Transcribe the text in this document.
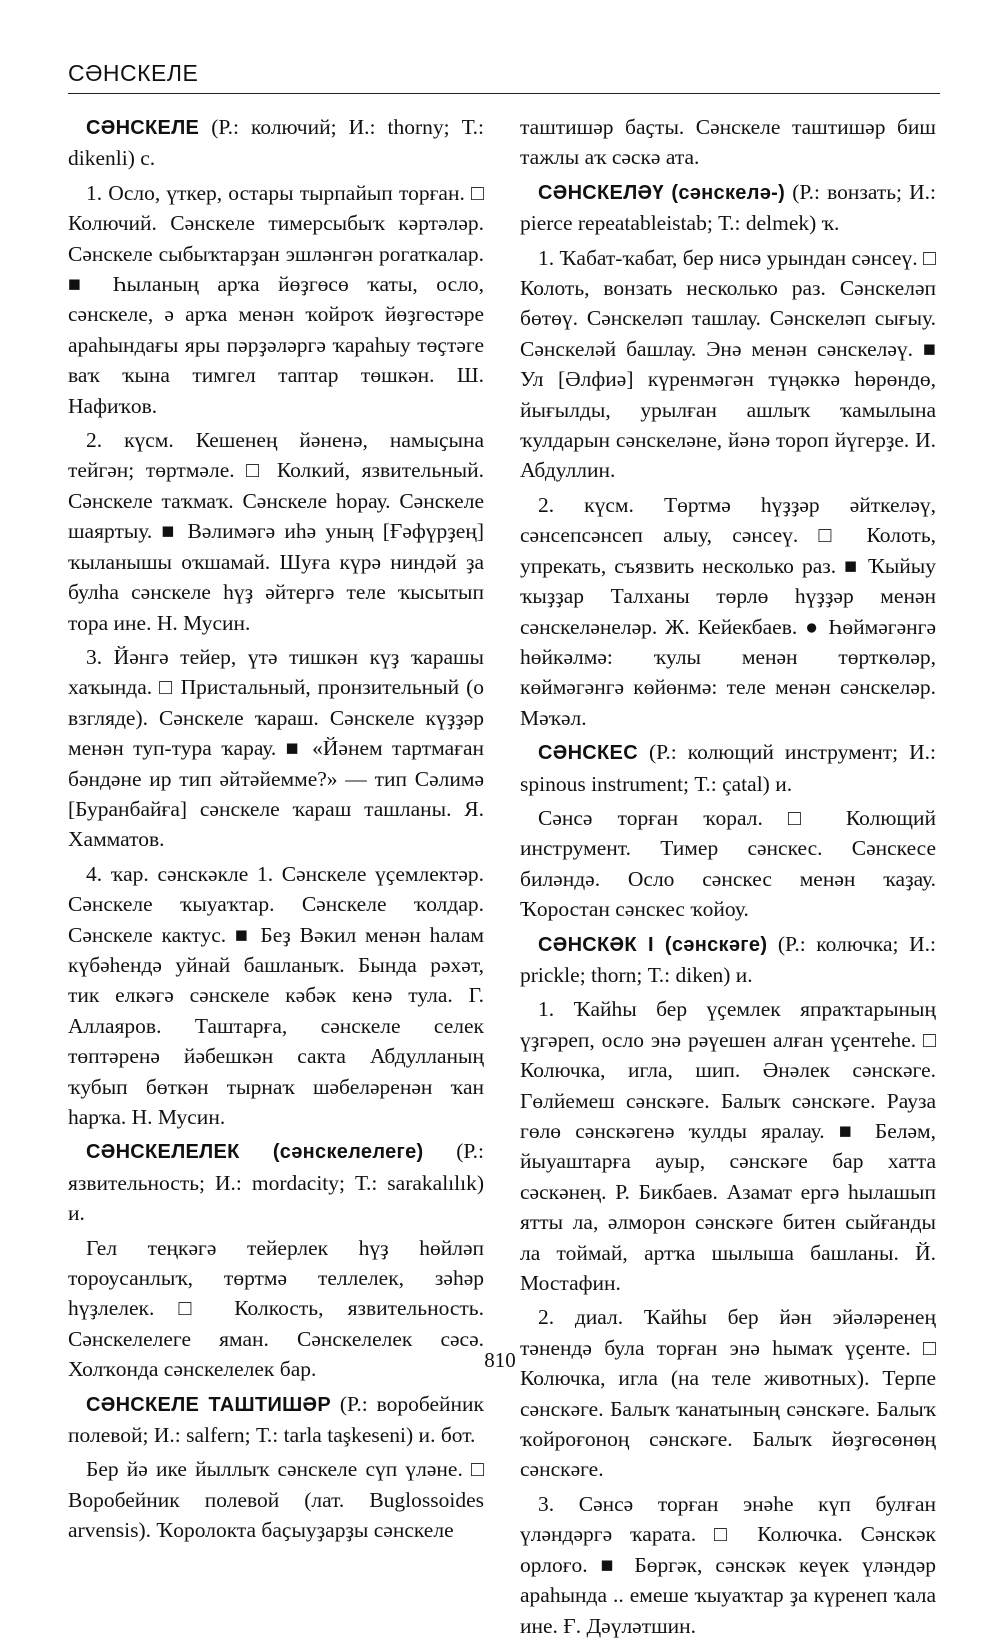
СӘНСКЕЛЕ

СӘНСКЕЛЕ (Р.: колючий; И.: thorny; Т.: dikenli) с.

1. Осло, үткер, остары тырпайып торған. □ Колючий. Сәнскеле тимерсыбыҡ кәртәләр. Сәнскеле сыбыҡтарҙан эшләнгән рогаткалар. ■ Һыланың арҡа йөҙгөсө ҡаты, осло, сәнскеле, ә арҡа менән ҡойроҡ йөҙгөстәре араһындағы яры пәрҙәләргә ҡараһыу төҫтәге ваҡ ҡына тимгел таптар төшкән. Ш. Нафиҡов.

2. күсм. Кешенең йәненә, намыҫына тейгән; төртмәле. □ Колкий, язвительный. Сәнскеле таҡмаҡ. Сәнскеле һорау. Сәнскеле шаяртыу. ■ Вәлимәгә иһә уның [Ғәфүрҙең] ҡыланышы оҡшамай. Шуға күрә ниндәй ҙа булһа сәнскеле һүҙ әйтергә теле ҡысытып тора ине. Н. Мусин.

3. Йәнгә тейер, үтә тишкән күҙ ҡарашы хаҡында. □ Пристальный, пронзительный (о взгляде). Сәнскеле ҡараш. Сәнскеле күҙҙәр менән туп-тура ҡарау. ■ «Йәнем тартмаған бәндәне ир тип әйтәйемме?» — тип Сәлимә [Буранбайға] сәнскеле ҡараш ташланы. Я. Хамматов.

4. ҡар. сәнскәкле 1. Сәнскеле үҫемлектәр. Сәнскеле ҡыуаҡтар. Сәнскеле ҡолдар. Сәнскеле кактус. ■ Беҙ Вәкил менән һалам күбәһендә уйнай башланыҡ. Бында рәхәт, тик елкәгә сәнскеле кәбәк кенә тула. Г. Аллаяров. Таштарға, сәнскеле селек төптәренә йәбешкән сакта Абдулланың ҡубып бөткән тырнаҡ шәбеләренән ҡан һарҡа. Н. Мусин.

СӘНСКЕЛЕЛЕК (сәнскелелеге) (Р.: язвительность; И.: mordacity; Т.: sarakalılık) и.

Гел теңкәгә тейерлек һүҙ һөйләп тороусанлыҡ, төртмә теллелек, зәһәр һүҙлелек. □ Колкость, язвительность. Сәнскелелеге яман. Сәнскелелек сәсә. Холҡонда сәнскелелек бар.

СӘНСКЕЛЕ ТАШТИШӘР (Р.: воробейник полевой; И.: salfern; Т.: tarla taşkeseni) и. бот.

Бер йә ике йыллыҡ сәнскеле сүп үләне. □ Воробейник полевой (лат. Buglossoides arvensis). Ҡоролокта баҫыуҙарҙы сәнскеле

таштишәр баҫты. Сәнскеле таштишәр биш тажлы аҡ сәскә ата.

СӘНСКЕЛӘҮ (сәнскелә-) (Р.: вонзать; И.: pierce repeatableistab; Т.: delmek) ҡ.

1. Ҡабат-ҡабат, бер нисә урындан сәнсеү. □ Колоть, вонзать несколько раз. Сәнскеләп бөтөү. Сәнскеләп ташлау. Сәнскеләп сығыу. Сәнскеләй башлау. Энә менән сәнскеләү. ■ Ул [Әлфиә] күренмәгән түңәккә һөрөндө, йығылды, урылған ашлыҡ ҡамылына ҡулдарын сәнскеләне, йәнә тороп йүгерҙе. И. Абдуллин.

2. күсм. Төртмә һүҙҙәр әйткеләү, сәнсепсәнсеп алыу, сәнсеү. □ Колоть, упрекать, съязвить несколько раз. ■ Ҡыйыу ҡыҙҙар Талханы төрлө һүҙҙәр менән сәнскеләнеләр. Ж. Кейекбаев. ● Һөймәгәнгә һөйкәлмә: ҡулы менән төрткөләр, көймәгәнгә көйөнмә: теле менән сәнскеләр. Мәҡәл.

СӘНСКЕС (Р.: колющий инструмент; И.: spinous instrument; Т.: çatal) и.

Сәнсә торған ҡорал. □ Колющий инструмент. Тимер сәнскес. Сәнскесе биләндә. Осло сәнскес менән ҡаҙау. Ҡоростан сәнскес ҡойоу.

СӘНСКӘК I (сәнскәге) (Р.: колючка; И.: prickle; thorn; Т.: diken) и.

1. Ҡайһы бер үҫемлек япраҡтарының үҙгәреп, осло энә рәүешен алған үҫентеһе. □ Колючка, игла, шип. Әнәлек сәнскәге. Гөлйемеш сәнскәге. Балыҡ сәнскәге. Рауза гөлө сәнскәгенә ҡулды яралау. ■ Беләм, йыуаштарға ауыр, сәнскәге бар хатта сәскәнең. Р. Бикбаев. Азамат ергә һылашып ятты ла, әлморон сәнскәге битен сыйғанды ла тоймай, артҡа шылыша башланы. Й. Мостафин.

2. диал. Ҡайһы бер йән эйәләренең тәнендә була торған энә һымаҡ үҫенте. □ Колючка, игла (на теле животных). Терпе сәнскәге. Балыҡ ҡанатының сәнскәге. Балыҡ ҡойроғоноң сәнскәге. Балыҡ йөҙгөсөнөң сәнскәге.

3. Сәнсә торған энәһе күп булған үләндәргә ҡарата. □ Колючка. Сәнскәк орлоғо. ■ Бөргәк, сәнскәк кеүек үләндәр араһында .. емеше ҡыуаҡтар ҙа күренеп ҡала ине. Ғ. Дәүләтшин.

810
